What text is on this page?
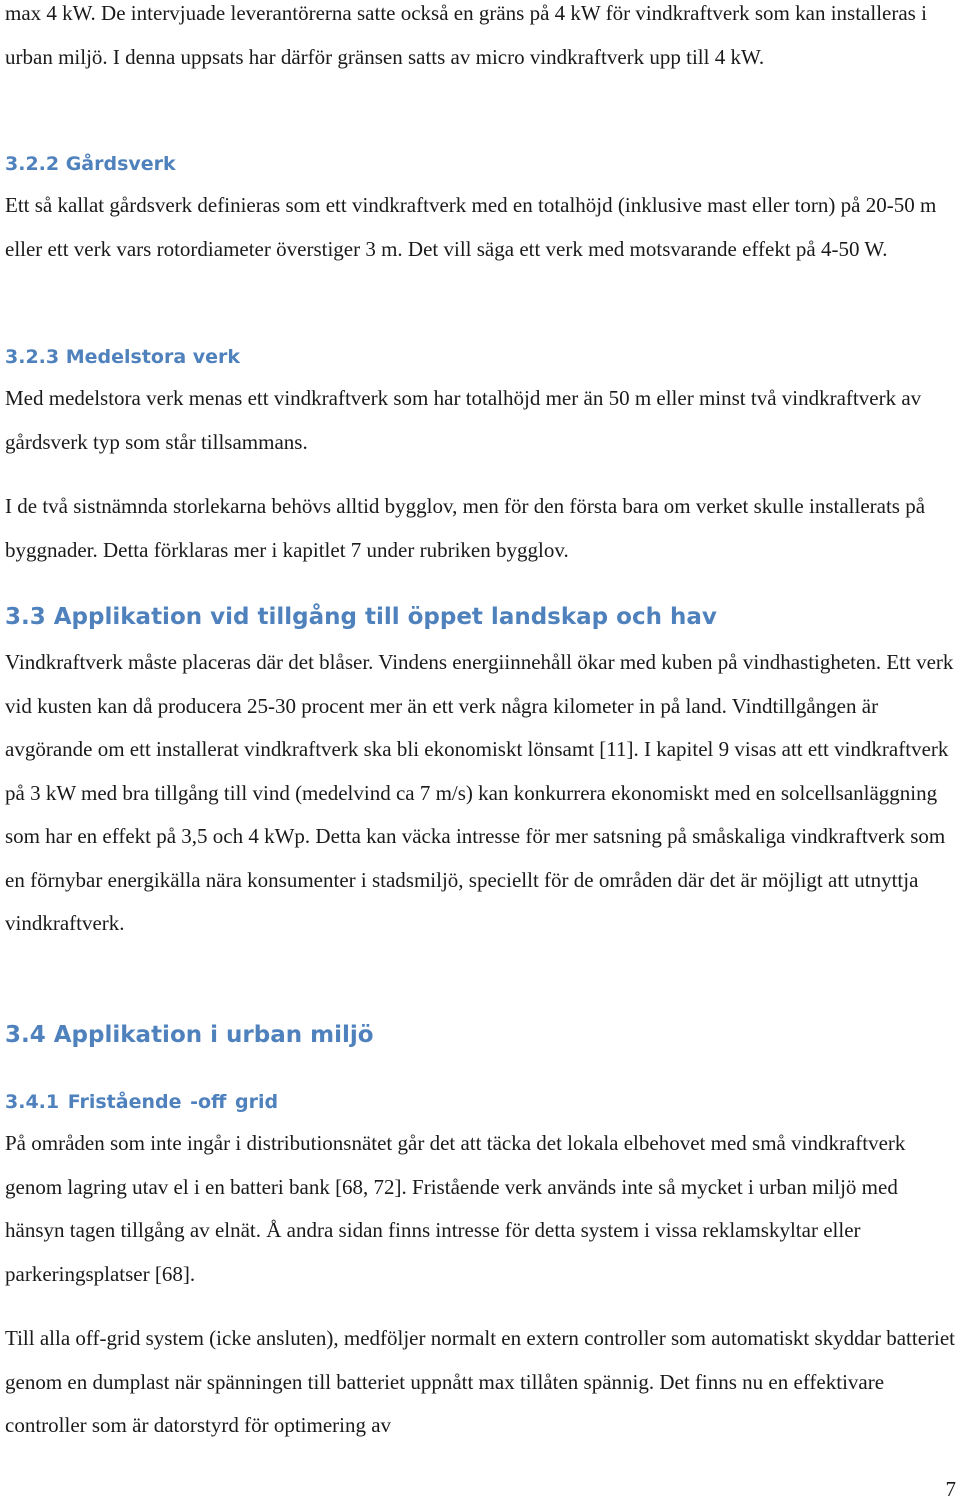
max 4 kW. De intervjuade leverantörerna satte också en gräns på 4 kW för vindkraftverk som kan installeras i urban miljö. I denna uppsats har därför gränsen satts av micro vindkraftverk upp till 4 kW.

3.2.2 Gårdsverk

Ett så kallat gårdsverk definieras som ett vindkraftverk med en totalhöjd (inklusive mast eller torn) på 20-50 m eller ett verk vars rotordiameter överstiger 3 m. Det vill säga ett verk med motsvarande effekt på 4-50 W.

3.2.3 Medelstora verk

Med medelstora verk menas ett vindkraftverk som har totalhöjd mer än 50 m eller minst två vindkraftverk av gårdsverk typ som står tillsammans.

I de två sistnämnda storlekarna behövs alltid bygglov, men för den första bara om verket skulle installerats på byggnader. Detta förklaras mer i kapitlet 7 under rubriken bygglov.

3.3 Applikation vid tillgång till öppet landskap och hav

Vindkraftverk måste placeras där det blåser. Vindens energiinnehåll ökar med kuben på vindhastigheten. Ett verk vid kusten kan då producera 25-30 procent mer än ett verk några kilometer in på land. Vindtillgången är avgörande om ett installerat vindkraftverk ska bli ekonomiskt lönsamt [11]. I kapitel 9 visas att ett vindkraftverk på 3 kW med bra tillgång till vind (medelvind ca 7 m/s) kan konkurrera ekonomiskt med en solcellsanläggning som har en effekt på 3,5 och 4 kWp. Detta kan väcka intresse för mer satsning på småskaliga vindkraftverk som en förnybar energikälla nära konsumenter i stadsmiljö, speciellt för de områden där det är möjligt att utnyttja vindkraftverk.

3.4 Applikation i urban miljö
3.4.1 Fristående -off grid

På områden som inte ingår i distributionsnätet går det att täcka det lokala elbehovet med små vindkraftverk genom lagring utav el i en batteri bank [68, 72]. Fristående verk används inte så mycket i urban miljö med hänsyn tagen tillgång av elnät. Å andra sidan finns intresse för detta system i vissa reklamskyltar eller parkeringsplatser [68].

Till alla off-grid system (icke ansluten), medföljer normalt en extern controller som automatiskt skyddar batteriet genom en dumplast när spänningen till batteriet uppnått max tillåten spännig. Det finns nu en effektivare controller som är datorstyrd för optimering av

7
